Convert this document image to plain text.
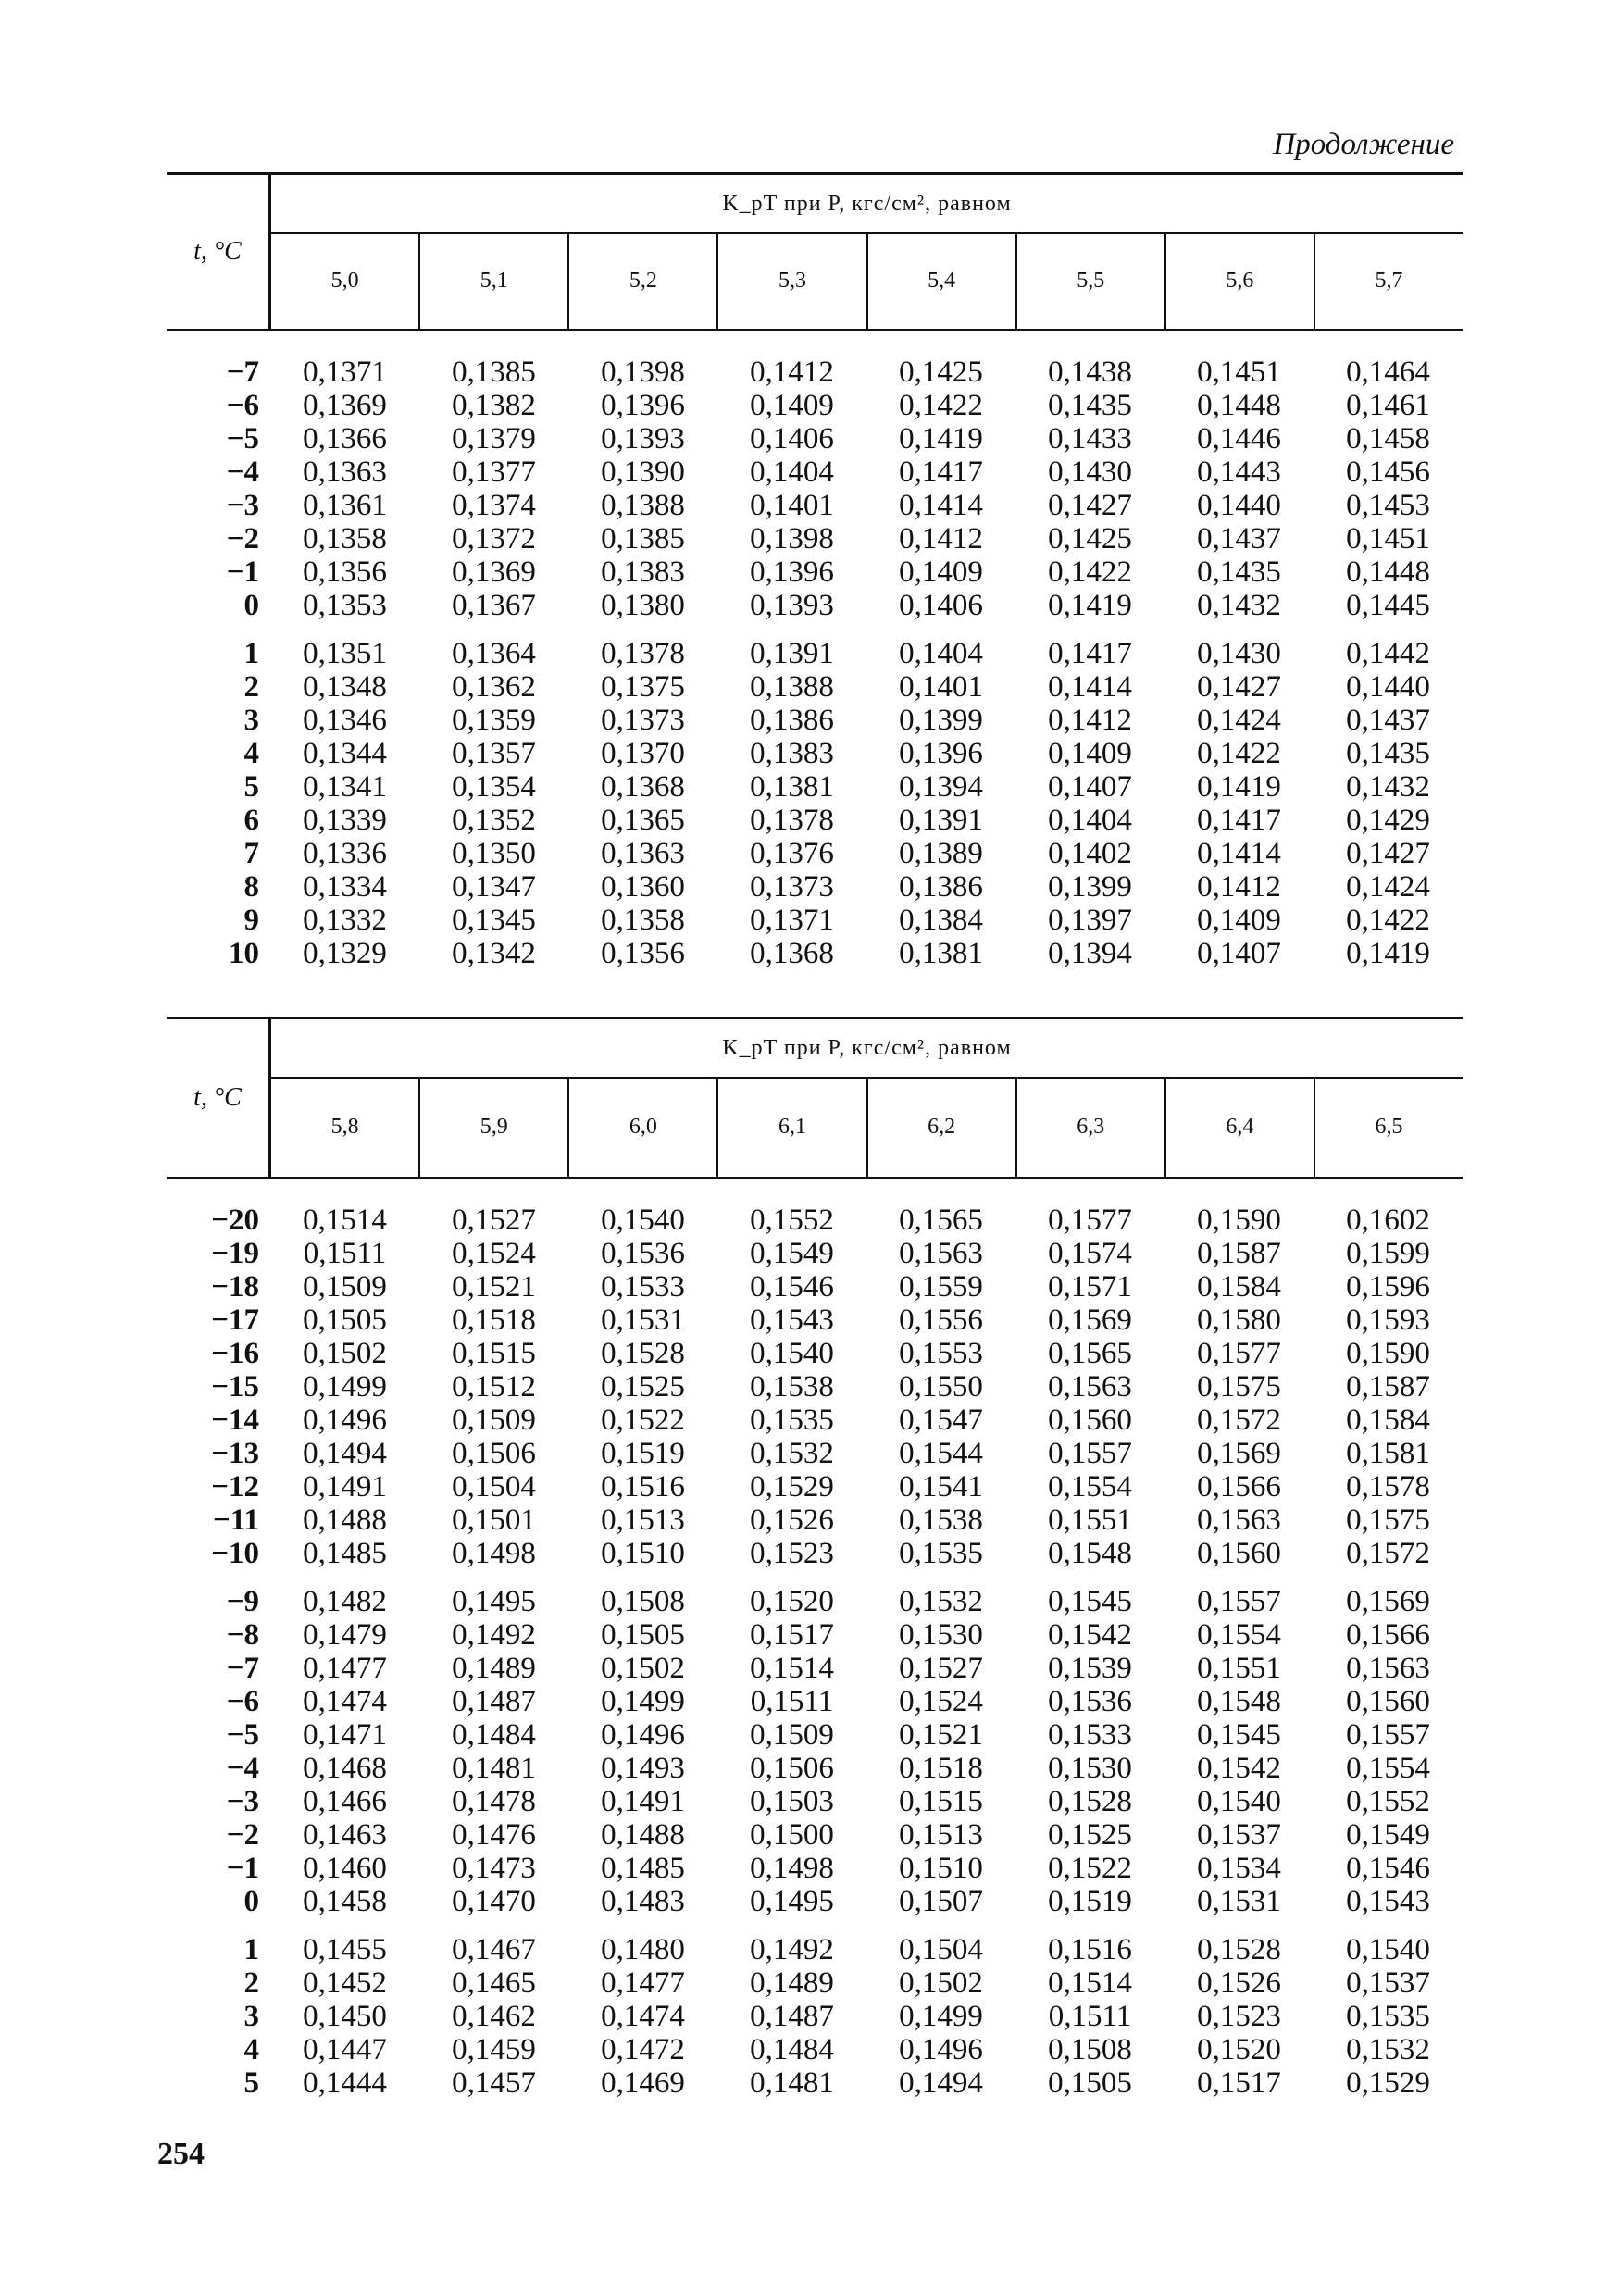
Продолжение
t, °C
K_pT при P, кгс/см², равном
5,0	5,1	5,2	5,3	5,4	5,5	5,6	5,7
−7	0,1371	0,1385	0,1398	0,1412	0,1425	0,1438	0,1451	0,1464
−6	0,1369	0,1382	0,1396	0,1409	0,1422	0,1435	0,1448	0,1461
−5	0,1366	0,1379	0,1393	0,1406	0,1419	0,1433	0,1446	0,1458
−4	0,1363	0,1377	0,1390	0,1404	0,1417	0,1430	0,1443	0,1456
−3	0,1361	0,1374	0,1388	0,1401	0,1414	0,1427	0,1440	0,1453
−2	0,1358	0,1372	0,1385	0,1398	0,1412	0,1425	0,1437	0,1451
−1	0,1356	0,1369	0,1383	0,1396	0,1409	0,1422	0,1435	0,1448
0	0,1353	0,1367	0,1380	0,1393	0,1406	0,1419	0,1432	0,1445
1	0,1351	0,1364	0,1378	0,1391	0,1404	0,1417	0,1430	0,1442
2	0,1348	0,1362	0,1375	0,1388	0,1401	0,1414	0,1427	0,1440
3	0,1346	0,1359	0,1373	0,1386	0,1399	0,1412	0,1424	0,1437
4	0,1344	0,1357	0,1370	0,1383	0,1396	0,1409	0,1422	0,1435
5	0,1341	0,1354	0,1368	0,1381	0,1394	0,1407	0,1419	0,1432
6	0,1339	0,1352	0,1365	0,1378	0,1391	0,1404	0,1417	0,1429
7	0,1336	0,1350	0,1363	0,1376	0,1389	0,1402	0,1414	0,1427
8	0,1334	0,1347	0,1360	0,1373	0,1386	0,1399	0,1412	0,1424
9	0,1332	0,1345	0,1358	0,1371	0,1384	0,1397	0,1409	0,1422
10	0,1329	0,1342	0,1356	0,1368	0,1381	0,1394	0,1407	0,1419
t, °C
K_pT при P, кгс/см², равном
5,8	5,9	6,0	6,1	6,2	6,3	6,4	6,5
−20	0,1514	0,1527	0,1540	0,1552	0,1565	0,1577	0,1590	0,1602
−19	0,1511	0,1524	0,1536	0,1549	0,1563	0,1574	0,1587	0,1599
−18	0,1509	0,1521	0,1533	0,1546	0,1559	0,1571	0,1584	0,1596
−17	0,1505	0,1518	0,1531	0,1543	0,1556	0,1569	0,1580	0,1593
−16	0,1502	0,1515	0,1528	0,1540	0,1553	0,1565	0,1577	0,1590
−15	0,1499	0,1512	0,1525	0,1538	0,1550	0,1563	0,1575	0,1587
−14	0,1496	0,1509	0,1522	0,1535	0,1547	0,1560	0,1572	0,1584
−13	0,1494	0,1506	0,1519	0,1532	0,1544	0,1557	0,1569	0,1581
−12	0,1491	0,1504	0,1516	0,1529	0,1541	0,1554	0,1566	0,1578
−11	0,1488	0,1501	0,1513	0,1526	0,1538	0,1551	0,1563	0,1575
−10	0,1485	0,1498	0,1510	0,1523	0,1535	0,1548	0,1560	0,1572
−9	0,1482	0,1495	0,1508	0,1520	0,1532	0,1545	0,1557	0,1569
−8	0,1479	0,1492	0,1505	0,1517	0,1530	0,1542	0,1554	0,1566
−7	0,1477	0,1489	0,1502	0,1514	0,1527	0,1539	0,1551	0,1563
−6	0,1474	0,1487	0,1499	0,1511	0,1524	0,1536	0,1548	0,1560
−5	0,1471	0,1484	0,1496	0,1509	0,1521	0,1533	0,1545	0,1557
−4	0,1468	0,1481	0,1493	0,1506	0,1518	0,1530	0,1542	0,1554
−3	0,1466	0,1478	0,1491	0,1503	0,1515	0,1528	0,1540	0,1552
−2	0,1463	0,1476	0,1488	0,1500	0,1513	0,1525	0,1537	0,1549
−1	0,1460	0,1473	0,1485	0,1498	0,1510	0,1522	0,1534	0,1546
0	0,1458	0,1470	0,1483	0,1495	0,1507	0,1519	0,1531	0,1543
1	0,1455	0,1467	0,1480	0,1492	0,1504	0,1516	0,1528	0,1540
2	0,1452	0,1465	0,1477	0,1489	0,1502	0,1514	0,1526	0,1537
3	0,1450	0,1462	0,1474	0,1487	0,1499	0,1511	0,1523	0,1535
4	0,1447	0,1459	0,1472	0,1484	0,1496	0,1508	0,1520	0,1532
5	0,1444	0,1457	0,1469	0,1481	0,1494	0,1505	0,1517	0,1529
254
